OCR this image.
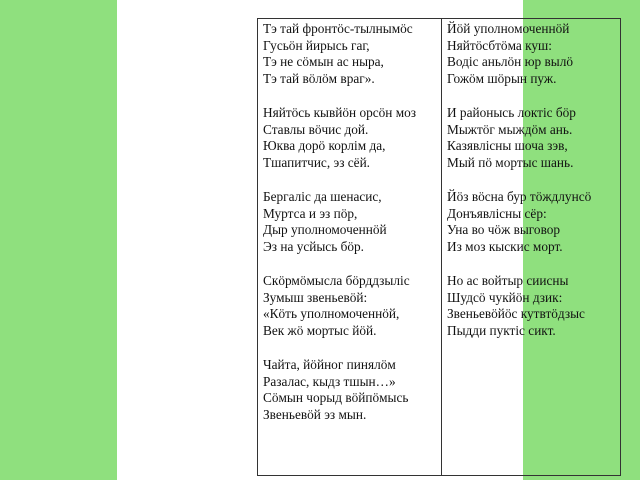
Тэ тай фронтӧс-тылнымӧс
Гусьӧн йирысь гаг,
Тэ не сӧмын ас ныра,
Тэ тай вӧлӧм враг».
Няйтӧсь кывйӧн орсӧн моз
Ставлы вӧчис дой.
Юква дорӧ корлiм да,
Тшапитчис, эз сёй.
Бергаліс да шенасис,
Муртса и эз пӧр,
Дыр уполномоченнӧй
Эз на усйысь бӧр.
Скӧрмӧмысла бӧрддзыліс
Зумыш звеньевӧй:
«Кӧть уполномоченнӧй,
Век жӧ мортыс йӧй.
Чайта, йӧйног пинялӧм
Разалас, кыдз тшын…»
Сӧмын чорыд вӧйпӧмысь
Звеньевӧй эз мын.
Йӧй уполномоченнӧй
Няйтӧсбтӧма куш:
Водіс аньлӧн юр вылӧ
Гожӧм шӧрын пуж.
И районысь локтiс бӧр
Мыжтӧг мыждӧм ань.
Казявлiсны шоча зэв,
Мый пӧ мортыс шань.
Йӧз вӧсна бур тӧждлунсӧ
Донъявлiсны сёр:
Уна во чӧж выговор
Из моз кыскис морт.
Но ас войтыр сиисны
Шудсӧ чукйӧн дзик:
Звеньевӧйӧс кутвтӧдзыс
Пыдди пуктiс сикт.
